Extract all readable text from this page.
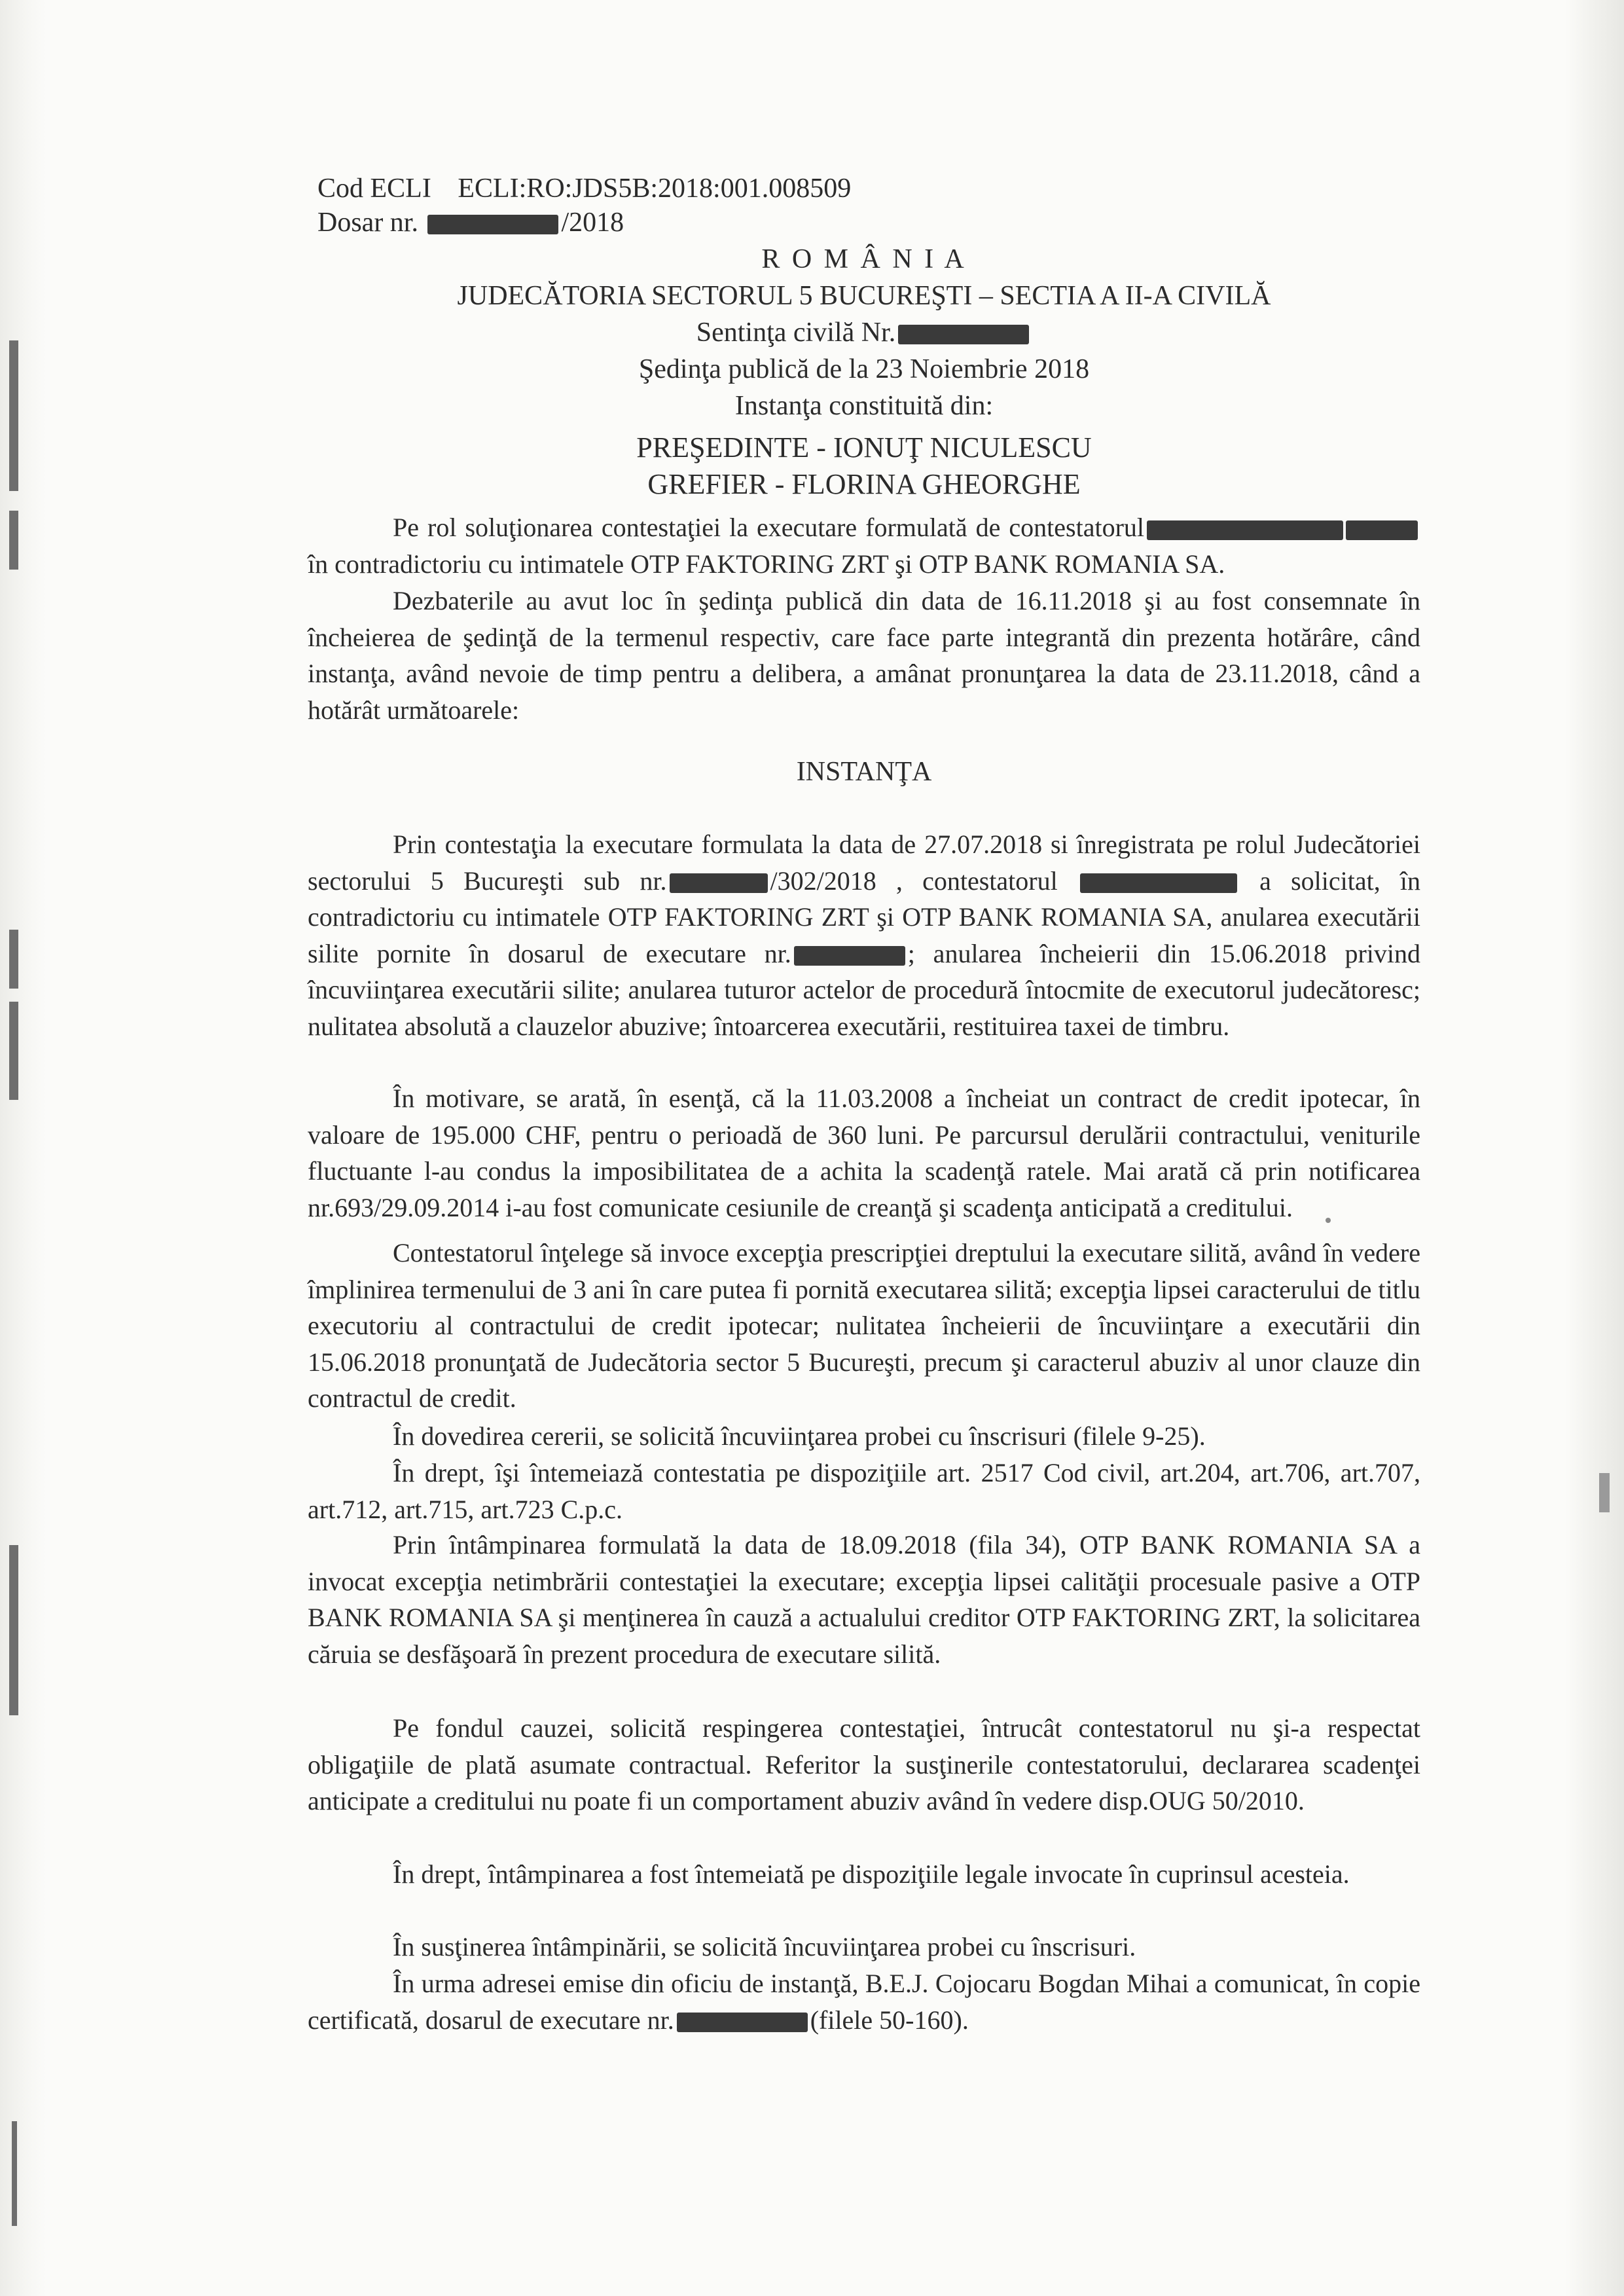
Cod ECLI ECLI:RO:JDS5B:2018:001.008509
Dosar nr.	/2018
R O M Â N I A
JUDECĂTORIA SECTORUL 5 BUCUREŞTI – SECTIA A II-A CIVILĂ
Sentinţa civilă Nr.
Şedinţa publică de la 23 Noiembrie 2018
Instanţa constituită din:
PREŞEDINTE - IONUŢ NICULESCU
GREFIER - FLORINA GHEORGHE

Pe rol soluţionarea contestaţiei la executare formulată de contestatorul în contradictoriu cu intimatele OTP FAKTORING ZRT şi OTP BANK ROMANIA SA.

Dezbaterile au avut loc în şedinţa publică din data de 16.11.2018 şi au fost consemnate în încheierea de şedinţă de la termenul respectiv, care face parte integrantă din prezenta hotărâre, când instanţa, având nevoie de timp pentru a delibera, a amânat pronunţarea la data de 23.11.2018, când a hotărât următoarele:

INSTANŢA

Prin contestaţia la executare formulata la data de 27.07.2018 si înregistrata pe rolul Judecătoriei sectorului 5 Bucureşti sub nr.	/302/2018 , contestatorul	a solicitat, în contradictoriu cu intimatele OTP FAKTORING ZRT şi OTP BANK ROMANIA SA, anularea executării silite pornite în dosarul de executare nr.	; anularea încheierii din 15.06.2018 privind încuviinţarea executării silite; anularea tuturor actelor de procedură întocmite de executorul judecătoresc; nulitatea absolută a clauzelor abuzive; întoarcerea executării, restituirea taxei de timbru.

În motivare, se arată, în esenţă, că la 11.03.2008 a încheiat un contract de credit ipotecar, în valoare de 195.000 CHF, pentru o perioadă de 360 luni. Pe parcursul derulării contractului, veniturile fluctuante l-au condus la imposibilitatea de a achita la scadenţă ratele. Mai arată că prin notificarea nr.693/29.09.2014 i-au fost comunicate cesiunile de creanţă şi scadenţa anticipată a creditului.

Contestatorul înţelege să invoce excepţia prescripţiei dreptului la executare silită, având în vedere împlinirea termenului de 3 ani în care putea fi pornită executarea silită; excepţia lipsei caracterului de titlu executoriu al contractului de credit ipotecar; nulitatea încheierii de încuviinţare a executării din 15.06.2018 pronunţată de Judecătoria sector 5 Bucureşti, precum şi caracterul abuziv al unor clauze din contractul de credit.

În dovedirea cererii, se solicită încuviinţarea probei cu înscrisuri (filele 9-25).

În drept, îşi întemeiază contestatia pe dispoziţiile art. 2517 Cod civil, art.204, art.706, art.707, art.712, art.715, art.723 C.p.c.

Prin întâmpinarea formulată la data de 18.09.2018 (fila 34), OTP BANK ROMANIA SA a invocat excepţia netimbrării contestaţiei la executare; excepţia lipsei calităţii procesuale pasive a OTP BANK ROMANIA SA şi menţinerea în cauză a actualului creditor OTP FAKTORING ZRT, la solicitarea căruia se desfăşoară în prezent procedura de executare silită.

Pe fondul cauzei, solicită respingerea contestaţiei, întrucât contestatorul nu şi-a respectat obligaţiile de plată asumate contractual. Referitor la susţinerile contestatorului, declararea scadenţei anticipate a creditului nu poate fi un comportament abuziv având în vedere disp.OUG 50/2010.

În drept, întâmpinarea a fost întemeiată pe dispoziţiile legale invocate în cuprinsul acesteia.

În susţinerea întâmpinării, se solicită încuviinţarea probei cu înscrisuri.

În urma adresei emise din oficiu de instanţă, B.E.J. Cojocaru Bogdan Mihai a comunicat, în copie certificată, dosarul de executare nr.	(filele 50-160).
